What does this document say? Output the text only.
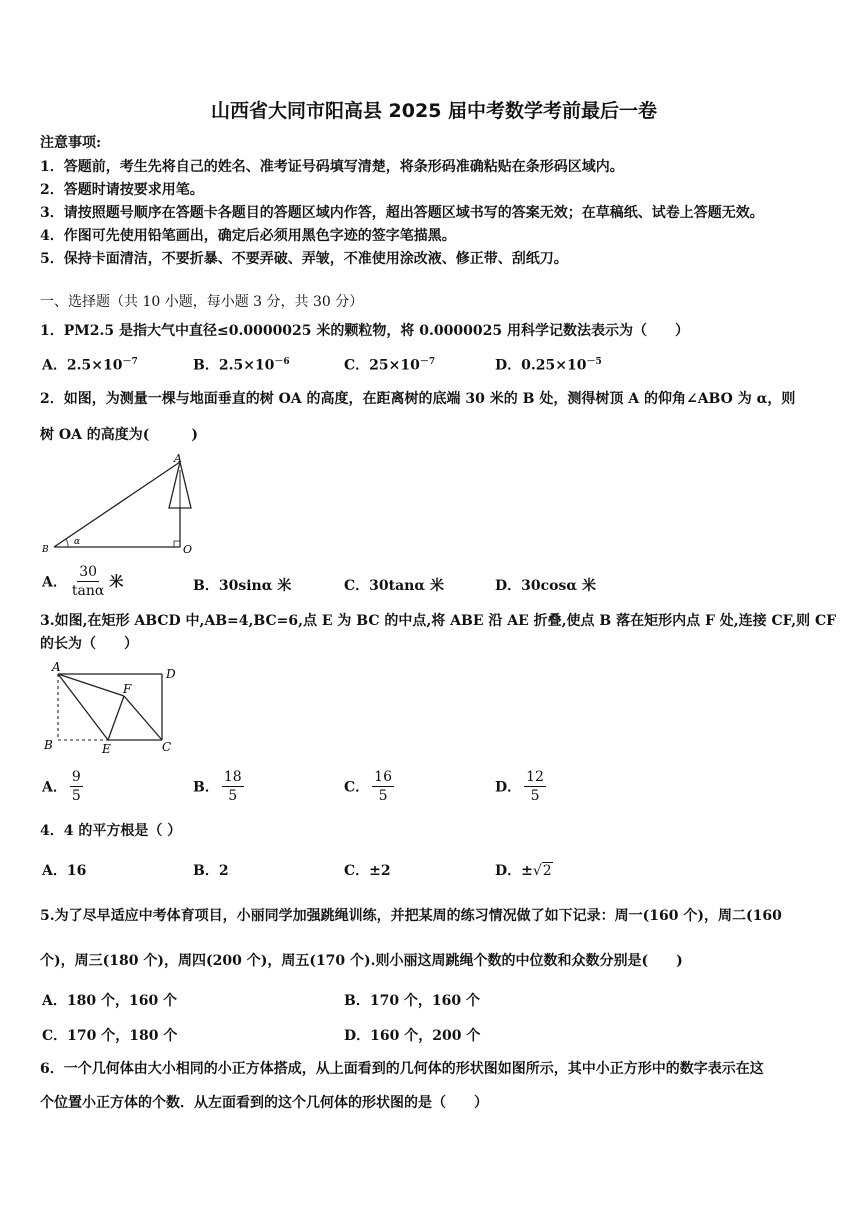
山西省大同市阳高县 2025 届中考数学考前最后一卷
注意事项:
1．答题前，考生先将自己的姓名、准考证号码填写清楚，将条形码准确粘贴在条形码区域内。
2．答题时请按要求用笔。
3．请按照题号顺序在答题卡各题目的答题区域内作答，超出答题区域书写的答案无效；在草稿纸、试卷上答题无效。
4．作图可先使用铅笔画出，确定后必须用黑色字迹的签字笔描黑。
5．保持卡面清洁，不要折暴、不要弄破、弄皱，不准使用涂改液、修正带、刮纸刀。
一、选择题（共 10 小题，每小题 3 分，共 30 分）
1．PM2.5 是指大气中直径≤0.0000025 米的颗粒物，将 0.0000025 用科学记数法表示为（　　）
A．$2.5\times 10^{-7}$	B．$2.5\times 10^{-6}$	C．$25\times 10^{-7}$	D．$0.25\times 10^{-5}$
2．如图，为测量一棵与地面垂直的树 OA 的高度，在距离树的底端 30 米的 B 处，测得树顶 A 的仰角∠ABO 为 α，则
树 OA 的高度为(　　　)
A
B	O
α
A． $\frac{30}{\tan\alpha}$ 米	B．30sinα 米	C．30tanα 米	D．30cosα 米
3.如图,在矩形 ABCD 中,AB=4,BC=6,点 E 为 BC 的中点,将 ABE 沿 AE 折叠,使点 B 落在矩形内点 F 处,连接 CF,则 CF
的长为（　　）
A	D
F
B	E	C
A． $\frac{9}{5}$	B． $\frac{18}{5}$	C． $\frac{16}{5}$	D． $\frac{12}{5}$
4．4 的平方根是（ ）
A．16	B．2	C．±2	D．±√2
5.为了尽早适应中考体育项目，小丽同学加强跳绳训练，并把某周的练习情况做了如下记录：周一(160 个)，周二(160
个)，周三(180 个)，周四(200 个)，周五(170 个).则小丽这周跳绳个数的中位数和众数分别是(　　)
A．180 个，160 个	B．170 个，160 个
C．170 个，180 个	D．160 个，200 个
6．一个几何体由大小相同的小正方体搭成，从上面看到的几何体的形状图如图所示，其中小正方形中的数字表示在这
个位置小正方体的个数．从左面看到的这个几何体的形状图的是（　　）
